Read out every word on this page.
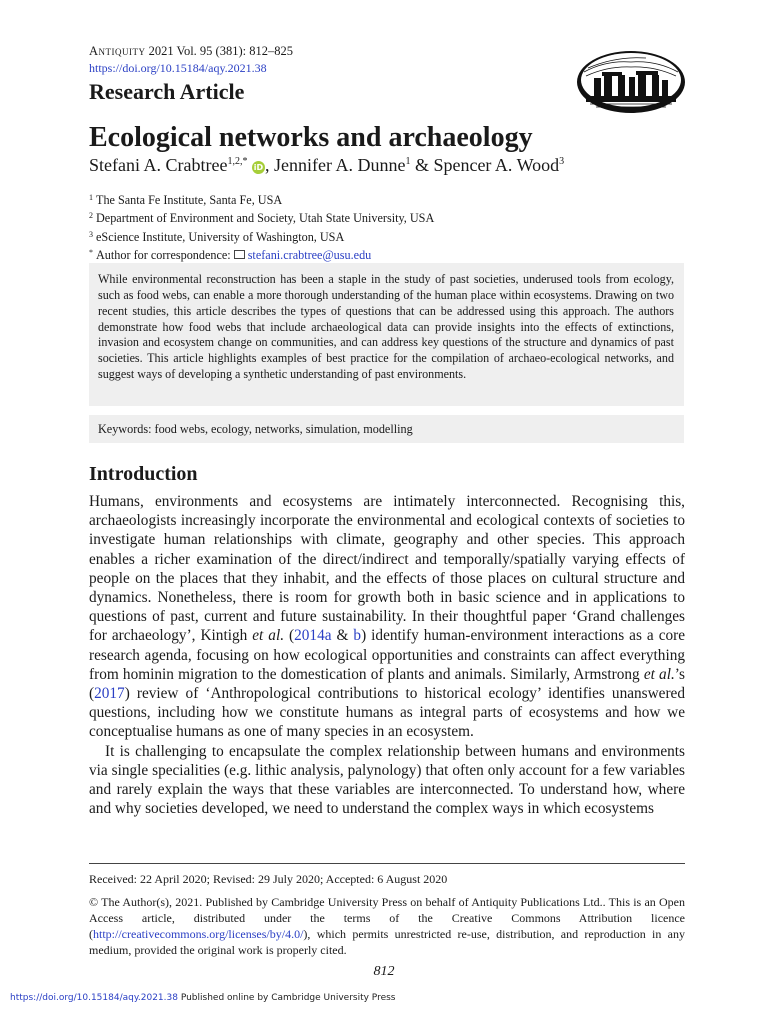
Antiquity 2021 Vol. 95 (381): 812–825
https://doi.org/10.15184/aqy.2021.38
Research Article
Ecological networks and archaeology
Stefani A. Crabtree$^{1,2,*}$ iD , Jennifer A. Dunne$^1$ & Spencer A. Wood$^3$
$^1$ The Santa Fe Institute, Santa Fe, USA
$^2$ Department of Environment and Society, Utah State University, USA
$^3$ eScience Institute, University of Washington, USA
* Author for correspondence: stefani.crabtree@usu.edu
While environmental reconstruction has been a staple in the study of past societies, underused tools from ecology, such as food webs, can enable a more thorough understanding of the human place within ecosystems. Drawing on two recent studies, this article describes the types of questions that can be addressed using this approach. The authors demonstrate how food webs that include archaeological data can provide insights into the effects of extinctions, invasion and ecosystem change on communities, and can address key questions of the structure and dynamics of past societies. This article highlights examples of best practice for the compilation of archaeo-ecological networks, and suggest ways of developing a synthetic understanding of past environments.
Keywords: food webs, ecology, networks, simulation, modelling
Introduction

Humans, environments and ecosystems are intimately interconnected. Recognising this, archaeologists increasingly incorporate the environmental and ecological contexts of societies to investigate human relationships with climate, geography and other species. This approach enables a richer examination of the direct/indirect and temporally/spatially varying effects of people on the places that they inhabit, and the effects of those places on cultural structure and dynamics. Nonetheless, there is room for growth both in basic science and in applications to questions of past, current and future sustainability. In their thoughtful paper ‘Grand challenges for archaeology’, Kintigh et al. (2014a & b) identify human-environment interactions as a core research agenda, focusing on how ecological opportunities and constraints can affect everything from hominin migration to the domestication of plants and animals. Similarly, Armstrong et al.’s (2017) review of ‘Anthropological contributions to historical ecology’ identifies unanswered questions, including how we constitute humans as integral parts of ecosystems and how we conceptualise humans as one of many species in an ecosystem.

It is challenging to encapsulate the complex relationship between humans and environments via single specialities (e.g. lithic analysis, palynology) that often only account for a few variables and rarely explain the ways that these variables are interconnected. To understand how, where and why societies developed, we need to understand the complex ways in which ecosystems

Received: 22 April 2020; Revised: 29 July 2020; Accepted: 6 August 2020
© The Author(s), 2021. Published by Cambridge University Press on behalf of Antiquity Publications Ltd.. This is an Open Access article, distributed under the terms of the Creative Commons Attribution licence (http://creativecommons.org/licenses/by/4.0/), which permits unrestricted re-use, distribution, and reproduction in any medium, provided the original work is properly cited.
812
https://doi.org/10.15184/aqy.2021.38 Published online by Cambridge University Press
